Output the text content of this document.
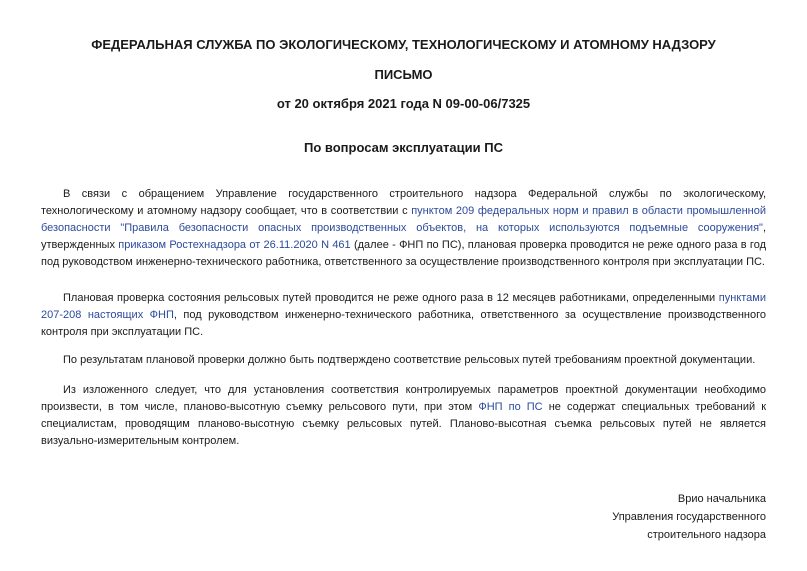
ФЕДЕРАЛЬНАЯ СЛУЖБА ПО ЭКОЛОГИЧЕСКОМУ, ТЕХНОЛОГИЧЕСКОМУ И АТОМНОМУ НАДЗОРУ
ПИСЬМО
от 20 октября 2021 года N 09-00-06/7325
По вопросам эксплуатации ПС

В связи с обращением Управление государственного строительного надзора Федеральной службы по экологическому, технологическому и атомному надзору сообщает, что в соответствии с пунктом 209 федеральных норм и правил в области промышленной безопасности "Правила безопасности опасных производственных объектов, на которых используются подъемные сооружения", утвержденных приказом Ростехнадзора от 26.11.2020 N 461 (далее - ФНП по ПС), плановая проверка проводится не реже одного раза в год под руководством инженерно-технического работника, ответственного за осуществление производственного контроля при эксплуатации ПС.

Плановая проверка состояния рельсовых путей проводится не реже одного раза в 12 месяцев работниками, определенными пунктами 207-208 настоящих ФНП, под руководством инженерно-технического работника, ответственного за осуществление производственного контроля при эксплуатации ПС.

По результатам плановой проверки должно быть подтверждено соответствие рельсовых путей требованиям проектной документации.

Из изложенного следует, что для установления соответствия контролируемых параметров проектной документации необходимо произвести, в том числе, планово-высотную съемку рельсового пути, при этом ФНП по ПС не содержат специальных требований к специалистам, проводящим планово-высотную съемку рельсовых путей. Планово-высотная съемка рельсовых путей не является визуально-измерительным контролем.

Врио начальника
Управления государственного
строительного надзора
